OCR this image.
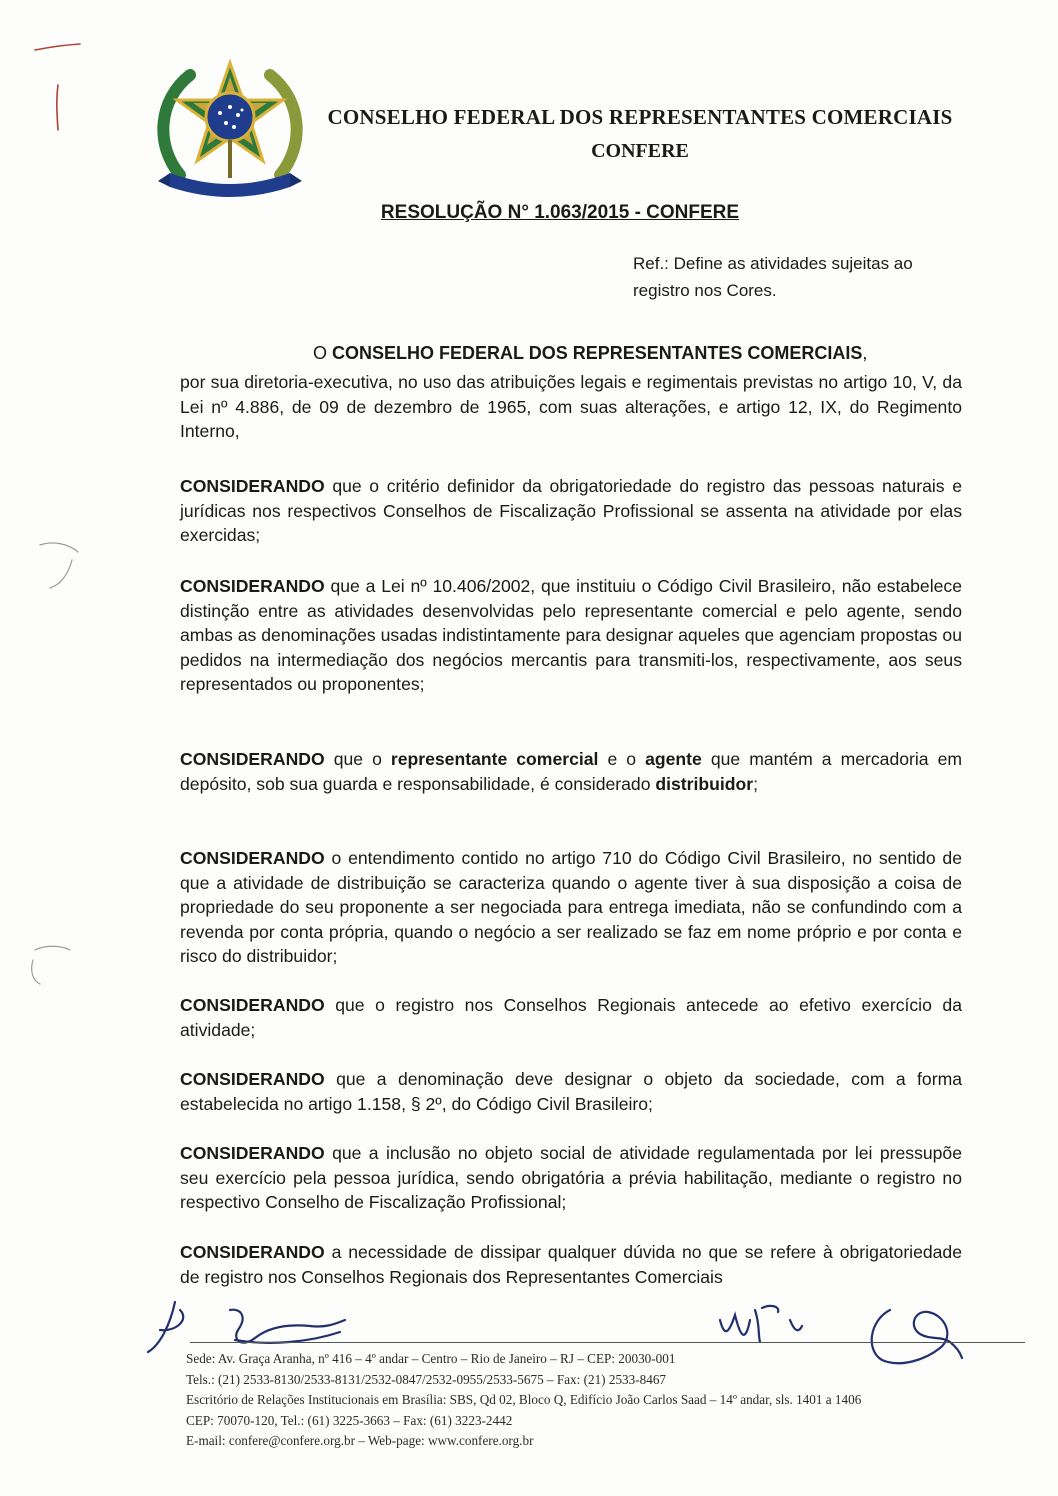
CONSELHO FEDERAL DOS REPRESENTANTES COMERCIAIS
CONFERE
RESOLUÇÃO N° 1.063/2015 - CONFERE
Ref.: Define as atividades sujeitas ao
registro nos Cores.
O CONSELHO FEDERAL DOS REPRESENTANTES COMERCIAIS,
por sua diretoria-executiva, no uso das atribuições legais e regimentais previstas no artigo 10, V, da Lei nº 4.886, de 09 de dezembro de 1965, com suas alterações, e artigo 12, IX, do Regimento Interno,
CONSIDERANDO que o critério definidor da obrigatoriedade do registro das pessoas naturais e jurídicas nos respectivos Conselhos de Fiscalização Profissional se assenta na atividade por elas exercidas;
CONSIDERANDO que a Lei nº 10.406/2002, que instituiu o Código Civil Brasileiro, não estabelece distinção entre as atividades desenvolvidas pelo representante comercial e pelo agente, sendo ambas as denominações usadas indistintamente para designar aqueles que agenciam propostas ou pedidos na intermediação dos negócios mercantis para transmiti-los, respectivamente, aos seus representados ou proponentes;
CONSIDERANDO que o representante comercial e o agente que mantém a mercadoria em depósito, sob sua guarda e responsabilidade, é considerado distribuidor;
CONSIDERANDO o entendimento contido no artigo 710 do Código Civil Brasileiro, no sentido de que a atividade de distribuição se caracteriza quando o agente tiver à sua disposição a coisa de propriedade do seu proponente a ser negociada para entrega imediata, não se confundindo com a revenda por conta própria, quando o negócio a ser realizado se faz em nome próprio e por conta e risco do distribuidor;
CONSIDERANDO que o registro nos Conselhos Regionais antecede ao efetivo exercício da atividade;
CONSIDERANDO que a denominação deve designar o objeto da sociedade, com a forma estabelecida no artigo 1.158, § 2º, do Código Civil Brasileiro;
CONSIDERANDO que a inclusão no objeto social de atividade regulamentada por lei pressupõe seu exercício pela pessoa jurídica, sendo obrigatória a prévia habilitação, mediante o registro no respectivo Conselho de Fiscalização Profissional;
CONSIDERANDO a necessidade de dissipar qualquer dúvida no que se refere à obrigatoriedade de registro nos Conselhos Regionais dos Representantes Comerciais
Sede: Av. Graça Aranha, nº 416 – 4º andar – Centro – Rio de Janeiro – RJ – CEP: 20030-001
Tels.: (21) 2533-8130/2533-8131/2532-0847/2532-0955/2533-5675 – Fax: (21) 2533-8467
Escritório de Relações Institucionais em Brasília: SBS, Qd 02, Bloco Q, Edifício João Carlos Saad – 14º andar, sls. 1401 a 1406
CEP: 70070-120, Tel.: (61) 3225-3663 – Fax: (61) 3223-2442
E-mail: confere@confere.org.br – Web-page: www.confere.org.br
